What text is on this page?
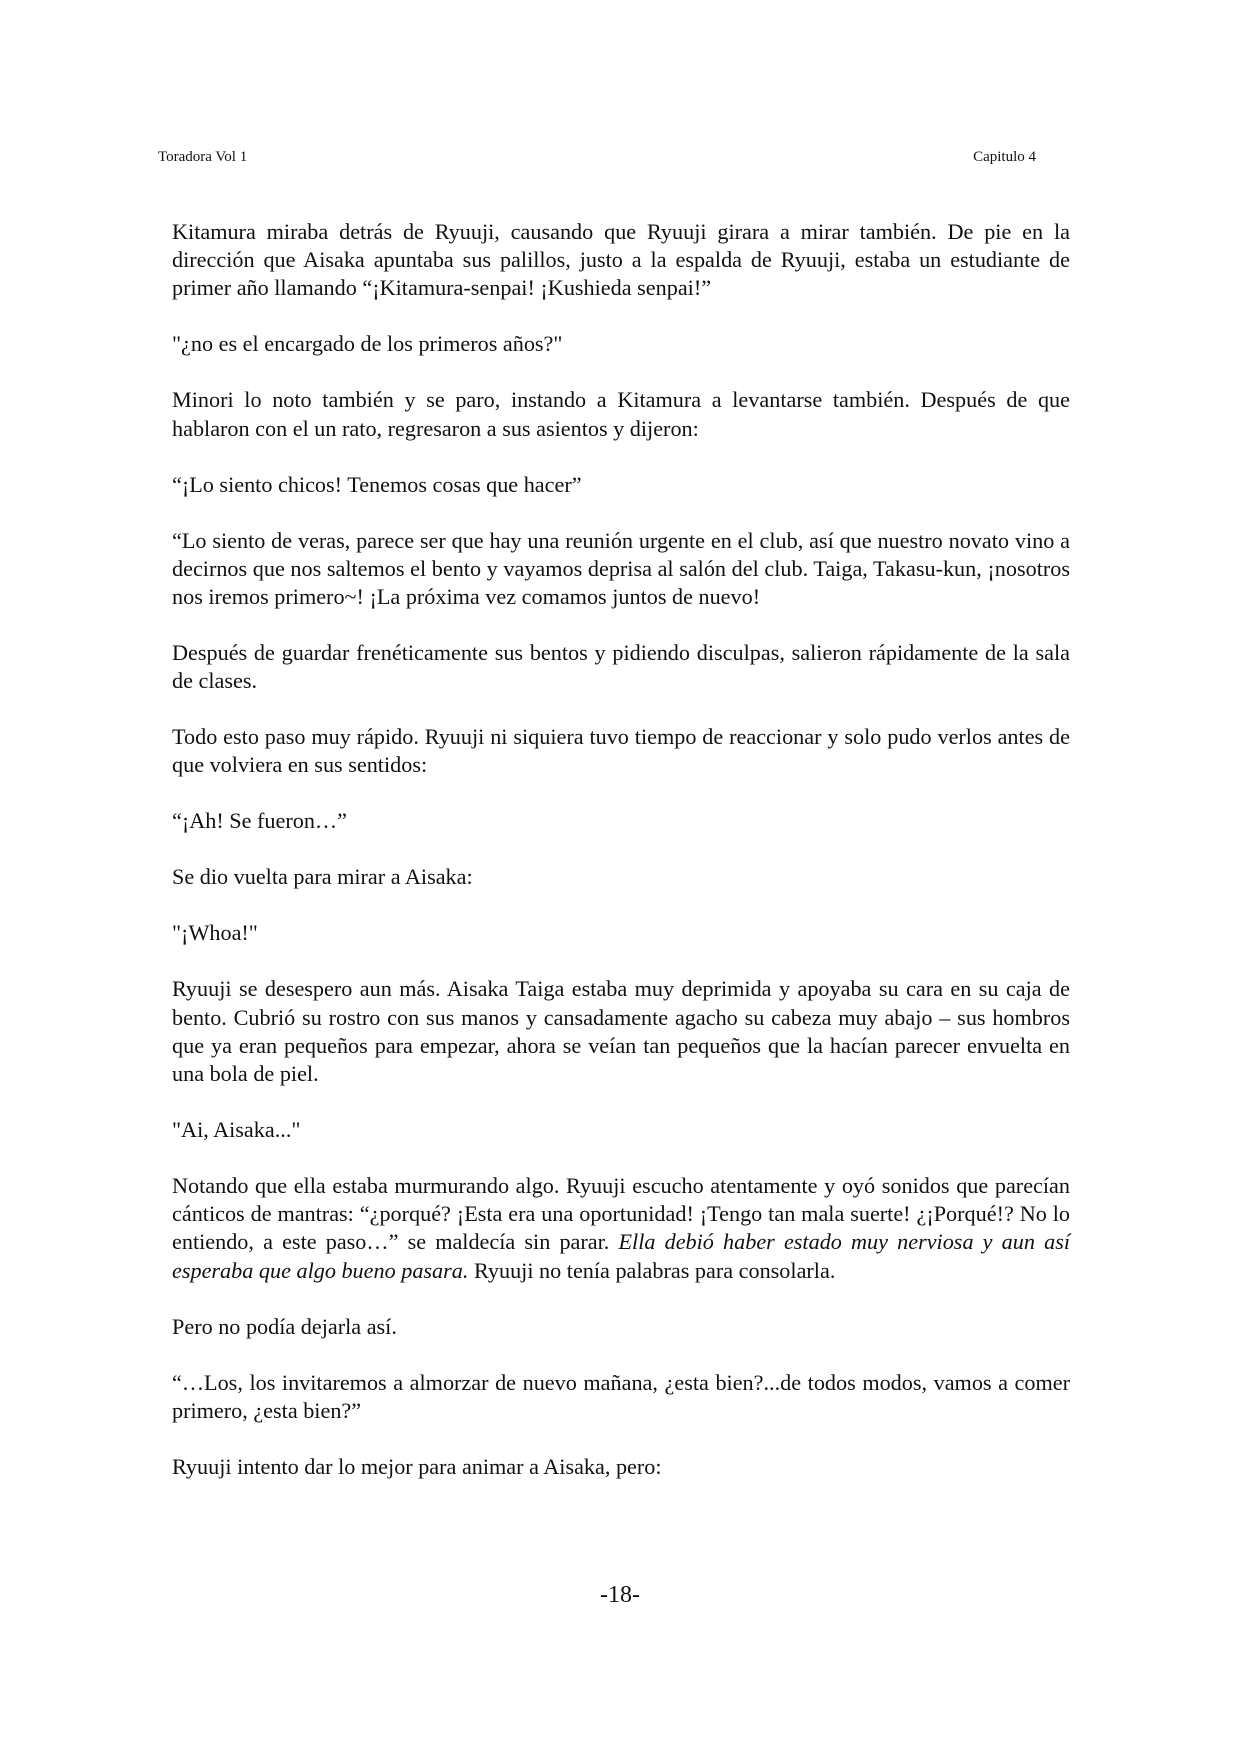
Toradora Vol 1	Capitulo 4

Kitamura miraba detrás de Ryuuji, causando que Ryuuji girara a mirar también. De pie en la dirección que Aisaka apuntaba sus palillos, justo a la espalda de Ryuuji, estaba un estudiante de primer año llamando “¡Kitamura-senpai! ¡Kushieda senpai!”

"¿no es el encargado de los primeros años?"

Minori lo noto también y se paro, instando a Kitamura a levantarse también. Después de que hablaron con el un rato, regresaron a sus asientos y dijeron:

“¡Lo siento chicos! Tenemos cosas que hacer”

“Lo siento de veras, parece ser que hay una reunión urgente en el club, así que nuestro novato vino a decirnos que nos saltemos el bento y vayamos deprisa al salón del club. Taiga, Takasu-kun, ¡nosotros nos iremos primero~! ¡La próxima vez comamos juntos de nuevo!

Después de guardar frenéticamente sus bentos y pidiendo disculpas, salieron rápidamente de la sala de clases.

Todo esto paso muy rápido. Ryuuji ni siquiera tuvo tiempo de reaccionar y solo pudo verlos antes de que volviera en sus sentidos:

“¡Ah! Se fueron…”

Se dio vuelta para mirar a Aisaka:

"¡Whoa!"

Ryuuji se desespero aun más. Aisaka Taiga estaba muy deprimida y apoyaba su cara en su caja de bento. Cubrió su rostro con sus manos y cansadamente agacho su cabeza muy abajo – sus hombros que ya eran pequeños para empezar, ahora se veían tan pequeños que la hacían parecer envuelta en una bola de piel.

"Ai, Aisaka..."

Notando que ella estaba murmurando algo. Ryuuji escucho atentamente y oyó sonidos que parecían cánticos de mantras: “¿porqué? ¡Esta era una oportunidad! ¡Tengo tan mala suerte! ¿¡Porqué!? No lo entiendo, a este paso…” se maldecía sin parar. Ella debió haber estado muy nerviosa y aun así esperaba que algo bueno pasara. Ryuuji no tenía palabras para consolarla.

Pero no podía dejarla así.

“…Los, los invitaremos a almorzar de nuevo mañana, ¿esta bien?...de todos modos, vamos a comer primero, ¿esta bien?”

Ryuuji intento dar lo mejor para animar a Aisaka, pero:

-18-
